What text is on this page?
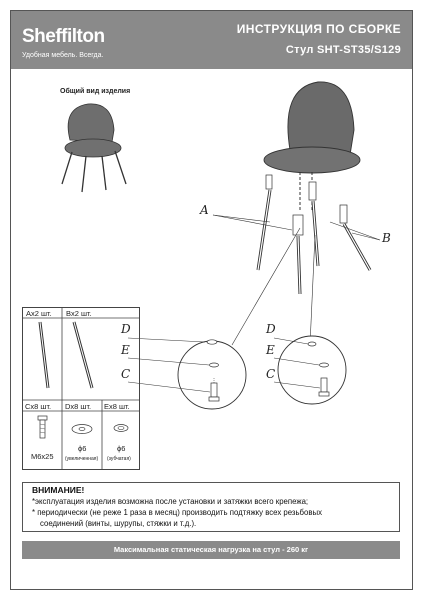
Sheffilton
Удобная мебель. Всегда.
ИНСТРУКЦИЯ ПО СБОРКЕ
Стул SHT-ST35/S129
Общий вид изделия
A
B
D
E
C
D
E
C
Ax2 шт. Bx2 шт.
Cx8 шт. Dx8 шт. Ex8 шт.
M6x25
ϕ6
(увеличенная)
ϕ6
(зубчатая)
ВНИМАНИЕ!
*эксплуатация изделия возможна после установки и затяжки всего крепежа;
* периодически (не реже 1 раза в месяц) производить подтяжку всех резьбовых
соединений (винты, шурупы, стяжки и т.д.).
Максимальная статическая нагрузка на стул - 260 кг
